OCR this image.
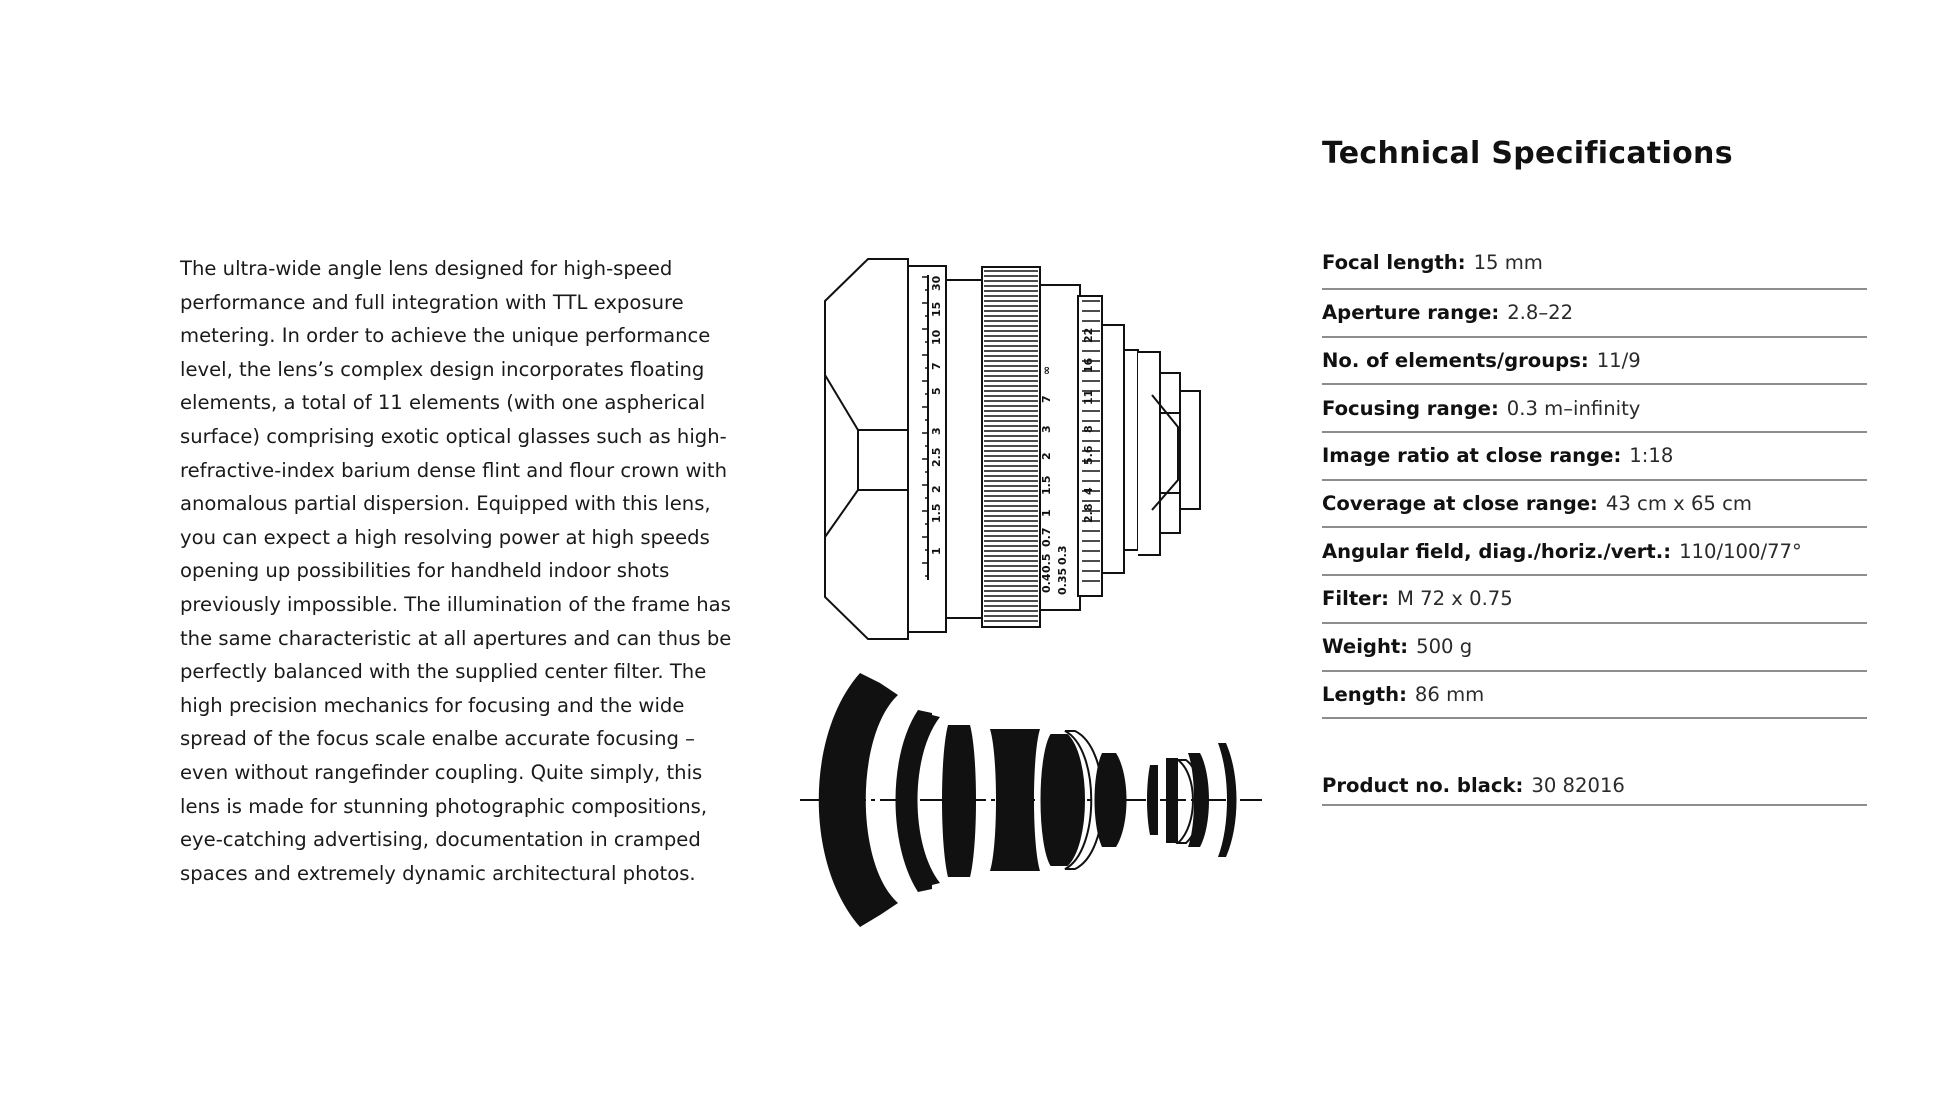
The ultra-wide angle lens designed for high-speed performance and full integration with TTL exposure metering. In order to achieve the unique performance level, the lens’s complex design incorporates floating elements, a total of 11 elements (with one aspherical surface) comprising exotic optical glasses such as high-refractive-index barium dense flint and flour crown with anomalous partial dispersion. Equipped with this lens, you can expect a high resolving power at high speeds opening up possibilities for handheld indoor shots previously impossible. The illumination of the frame has the same characteristic at all apertures and can thus be perfectly balanced with the supplied center filter. The high precision mechanics for focusing and the wide spread of the focus scale enalbe accurate focusing – even without rangefinder coupling. Quite simply, this lens is made for stunning photographic compositions, eye-catching advertising, documentation in cramped spaces and extremely dynamic architectural photos.

∞
7
3
2
1.5
1
0.7
0.5
0.4 0.35
0.3
22
16
11
8
5.6
4
2.8
30
15
10
7
5
3
2.5
2
1.5
1
Technical Specifications
Focal length: 15 mm
Aperture range: 2.8–22
No. of elements/groups: 11/9
Focusing range: 0.3 m–infinity
Image ratio at close range: 1:18
Coverage at close range: 43 cm x 65 cm
Angular field, diag./horiz./vert.: 110/100/77°
Filter: M 72 x 0.75
Weight: 500 g
Length: 86 mm
Product no. black: 30 82016
